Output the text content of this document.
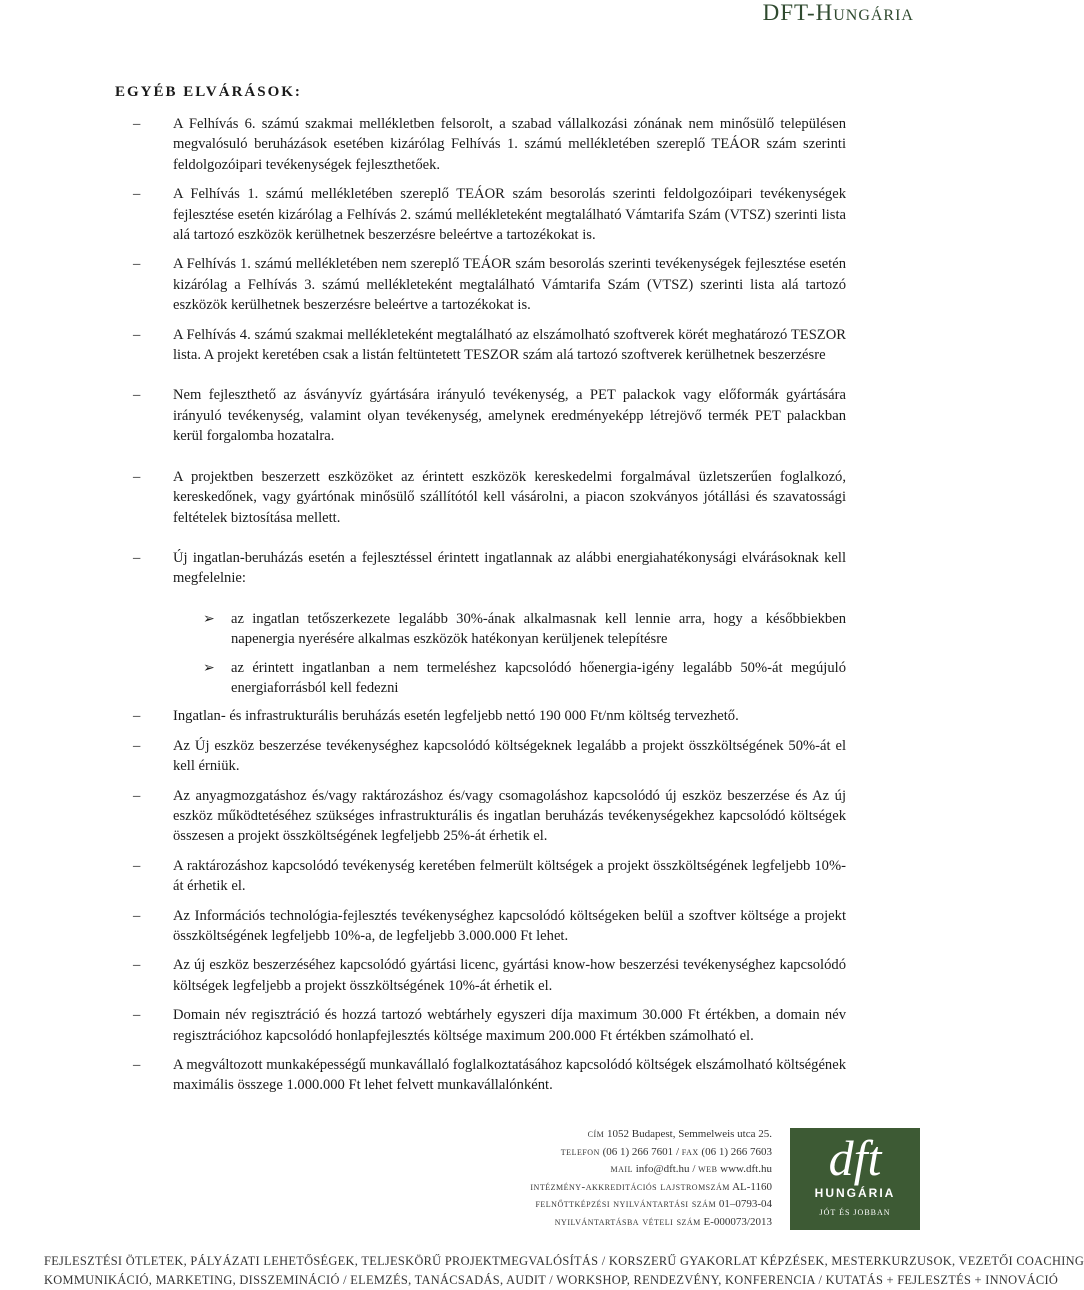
DFT-Hungária
EGYÉB ELVÁRÁSOK:
– A Felhívás 6. számú szakmai mellékletben felsorolt, a szabad vállalkozási zónának nem minősülő településen megvalósuló beruházások esetében kizárólag Felhívás 1. számú mellékletében szereplő TEÁOR szám szerinti feldolgozóipari tevékenységek fejleszthetőek.
– A Felhívás 1. számú mellékletében szereplő TEÁOR szám besorolás szerinti feldolgozóipari tevékenységek fejlesztése esetén kizárólag a Felhívás 2. számú mellékleteként megtalálható Vámtarifa Szám (VTSZ) szerinti lista alá tartozó eszközök kerülhetnek beszerzésre beleértve a tartozékokat is.
– A Felhívás 1. számú mellékletében nem szereplő TEÁOR szám besorolás szerinti tevékenységek fejlesztése esetén kizárólag a Felhívás 3. számú mellékleteként megtalálható Vámtarifa Szám (VTSZ) szerinti lista alá tartozó eszközök kerülhetnek beszerzésre beleértve a tartozékokat is.
– A Felhívás 4. számú szakmai mellékleteként megtalálható az elszámolható szoftverek körét meghatározó TESZOR lista. A projekt keretében csak a listán feltüntetett TESZOR szám alá tartozó szoftverek kerülhetnek beszerzésre
– Nem fejleszthető az ásványvíz gyártására irányuló tevékenység, a PET palackok vagy előformák gyártására irányuló tevékenység, valamint olyan tevékenység, amelynek eredményeképp létrejövő termék PET palackban kerül forgalomba hozatalra.
– A projektben beszerzett eszközöket az érintett eszközök kereskedelmi forgalmával üzletszerűen foglalkozó, kereskedőnek, vagy gyártónak minősülő szállítótól kell vásárolni, a piacon szokványos jótállási és szavatossági feltételek biztosítása mellett.
– Új ingatlan-beruházás esetén a fejlesztéssel érintett ingatlannak az alábbi energiahatékonysági elvárásoknak kell megfelelnie:
➢ az ingatlan tetőszerkezete legalább 30%-ának alkalmasnak kell lennie arra, hogy a későbbiekben napenergia nyerésére alkalmas eszközök hatékonyan kerüljenek telepítésre
➢ az érintett ingatlanban a nem termeléshez kapcsolódó hőenergia-igény legalább 50%-át megújuló energiaforrásból kell fedezni
– Ingatlan- és infrastrukturális beruházás esetén legfeljebb nettó 190 000 Ft/nm költség tervezhető.
– Az Új eszköz beszerzése tevékenységhez kapcsolódó költségeknek legalább a projekt összköltségének 50%-át el kell érniük.
– Az anyagmozgatáshoz és/vagy raktározáshoz és/vagy csomagoláshoz kapcsolódó új eszköz beszerzése és Az új eszköz működtetéséhez szükséges infrastrukturális és ingatlan beruházás tevékenységekhez kapcsolódó költségek összesen a projekt összköltségének legfeljebb 25%-át érhetik el.
– A raktározáshoz kapcsolódó tevékenység keretében felmerült költségek a projekt összköltségének legfeljebb 10%-át érhetik el.
– Az Információs technológia-fejlesztés tevékenységhez kapcsolódó költségeken belül a szoftver költsége a projekt összköltségének legfeljebb 10%-a, de legfeljebb 3.000.000 Ft lehet.
– Az új eszköz beszerzéséhez kapcsolódó gyártási licenc, gyártási know-how beszerzési tevékenységhez kapcsolódó költségek legfeljebb a projekt összköltségének 10%-át érhetik el.
– Domain név regisztráció és hozzá tartozó webtárhely egyszeri díja maximum 30.000 Ft értékben, a domain név regisztrációhoz kapcsolódó honlapfejlesztés költsége maximum 200.000 Ft értékben számolható el.
– A megváltozott munkaképességű munkavállaló foglalkoztatásához kapcsolódó költségek elszámolható költségének maximális összege 1.000.000 Ft lehet felvett munkavállalónként.
cím 1052 Budapest, Semmelweis utca 25.
telefon (06 1) 266 7601 / fax (06 1) 266 7603
mail info@dft.hu / web www.dft.hu
intézmény-akkreditációs lajstromszám AL-1160
felnőttképzési nyilvántartási szám 01–0793-04
nyilvántartásba vételi szám E-000073/2013
dft
HUNGÁRIA
JÓT ÉS JOBBAN
FEJLESZTÉSI ÖTLETEK, PÁLYÁZATI LEHETŐSÉGEK, TELJESKÖRŰ PROJEKTMEGVALÓSÍTÁS / KORSZERŰ GYAKORLAT KÉPZÉSEK, MESTERKURZUSOK, VEZETŐI COACHING
KOMMUNIKÁCIÓ, MARKETING, DISSZEMINÁCIÓ / ELEMZÉS, TANÁCSADÁS, AUDIT / WORKSHOP, RENDEZVÉNY, KONFERENCIA / KUTATÁS + FEJLESZTÉS + INNOVÁCIÓ
